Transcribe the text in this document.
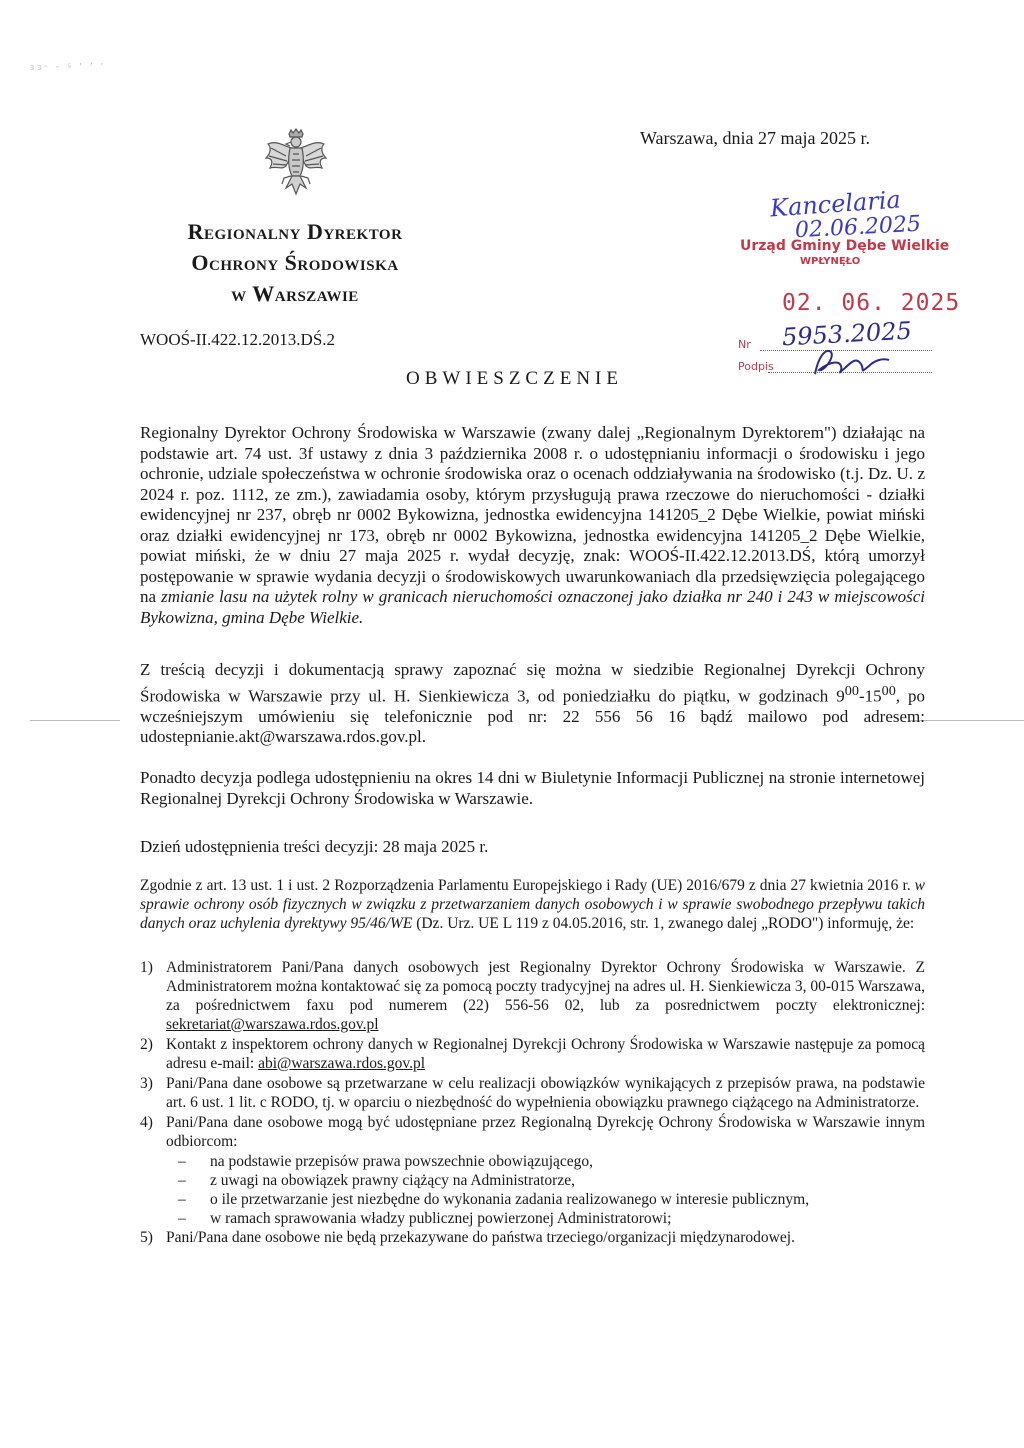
ɜɜ· ᵕ ⁵ ʹ ʹ ʹ
Warszawa, dnia 27 maja 2025 r.
Regionalny Dyrektor
Ochrony Środowiska
w Warszawie
WOOŚ-II.422.12.2013.DŚ.2
OBWIESZCZENIE
Kancelaria
02.06.2025
Urząd Gminy Dębe Wielkie
WPŁYNĘŁO
02. 06. 2025
Nr 5953.2025
Podpis
Regionalny Dyrektor Ochrony Środowiska w Warszawie (zwany dalej „Regionalnym Dyrektorem") działając na podstawie art. 74 ust. 3f ustawy z dnia 3 października 2008 r. o udostępnianiu informacji o środowisku i jego ochronie, udziale społeczeństwa w ochronie środowiska oraz o ocenach oddziaływania na środowisko (t.j. Dz. U. z 2024 r. poz. 1112, ze zm.), zawiadamia osoby, którym przysługują prawa rzeczowe do nieruchomości - działki ewidencyjnej nr 237, obręb nr 0002 Bykowizna, jednostka ewidencyjna 141205_2 Dębe Wielkie, powiat miński oraz działki ewidencyjnej nr 173, obręb nr 0002 Bykowizna, jednostka ewidencyjna 141205_2 Dębe Wielkie, powiat miński, że w dniu 27 maja 2025 r. wydał decyzję, znak: WOOŚ-II.422.12.2013.DŚ, którą umorzył postępowanie w sprawie wydania decyzji o środowiskowych uwarunkowaniach dla przedsięwzięcia polegającego na zmianie lasu na użytek rolny w granicach nieruchomości oznaczonej jako działka nr 240 i 243 w miejscowości Bykowizna, gmina Dębe Wielkie.
Z treścią decyzji i dokumentacją sprawy zapoznać się można w siedzibie Regionalnej Dyrekcji Ochrony Środowiska w Warszawie przy ul. H. Sienkiewicza 3, od poniedziałku do piątku, w godzinach $9^{00}-15^{00}$, po wcześniejszym umówieniu się telefonicznie pod nr: 22 556 56 16 bądź mailowo pod adresem: udostepnianie.akt@warszawa.rdos.gov.pl.
Ponadto decyzja podlega udostępnieniu na okres 14 dni w Biuletynie Informacji Publicznej na stronie internetowej Regionalnej Dyrekcji Ochrony Środowiska w Warszawie.
Dzień udostępnienia treści decyzji: 28 maja 2025 r.
Zgodnie z art. 13 ust. 1 i ust. 2 Rozporządzenia Parlamentu Europejskiego i Rady (UE) 2016/679 z dnia 27 kwietnia 2016 r. w sprawie ochrony osób fizycznych w związku z przetwarzaniem danych osobowych i w sprawie swobodnego przepływu takich danych oraz uchylenia dyrektywy 95/46/WE (Dz. Urz. UE L 119 z 04.05.2016, str. 1, zwanego dalej „RODO") informuję, że:
1) Administratorem Pani/Pana danych osobowych jest Regionalny Dyrektor Ochrony Środowiska w Warszawie. Z Administratorem można kontaktować się za pomocą poczty tradycyjnej na adres ul. H. Sienkiewicza 3, 00-015 Warszawa, za pośrednictwem faxu pod numerem (22) 556-56 02, lub za posrednictwem poczty elektronicznej: sekretariat@warszawa.rdos.gov.pl
2) Kontakt z inspektorem ochrony danych w Regionalnej Dyrekcji Ochrony Środowiska w Warszawie następuje za pomocą adresu e-mail: abi@warszawa.rdos.gov.pl
3) Pani/Pana dane osobowe są przetwarzane w celu realizacji obowiązków wynikających z przepisów prawa, na podstawie art. 6 ust. 1 lit. c RODO, tj. w oparciu o niezbędność do wypełnienia obowiązku prawnego ciążącego na Administratorze.
4) Pani/Pana dane osobowe mogą być udostępniane przez Regionalną Dyrekcję Ochrony Środowiska w Warszawie innym odbiorcom:
– na podstawie przepisów prawa powszechnie obowiązującego,
– z uwagi na obowiązek prawny ciążący na Administratorze,
– o ile przetwarzanie jest niezbędne do wykonania zadania realizowanego w interesie publicznym,
– w ramach sprawowania władzy publicznej powierzonej Administratorowi;
5) Pani/Pana dane osobowe nie będą przekazywane do państwa trzeciego/organizacji międzynarodowej.
